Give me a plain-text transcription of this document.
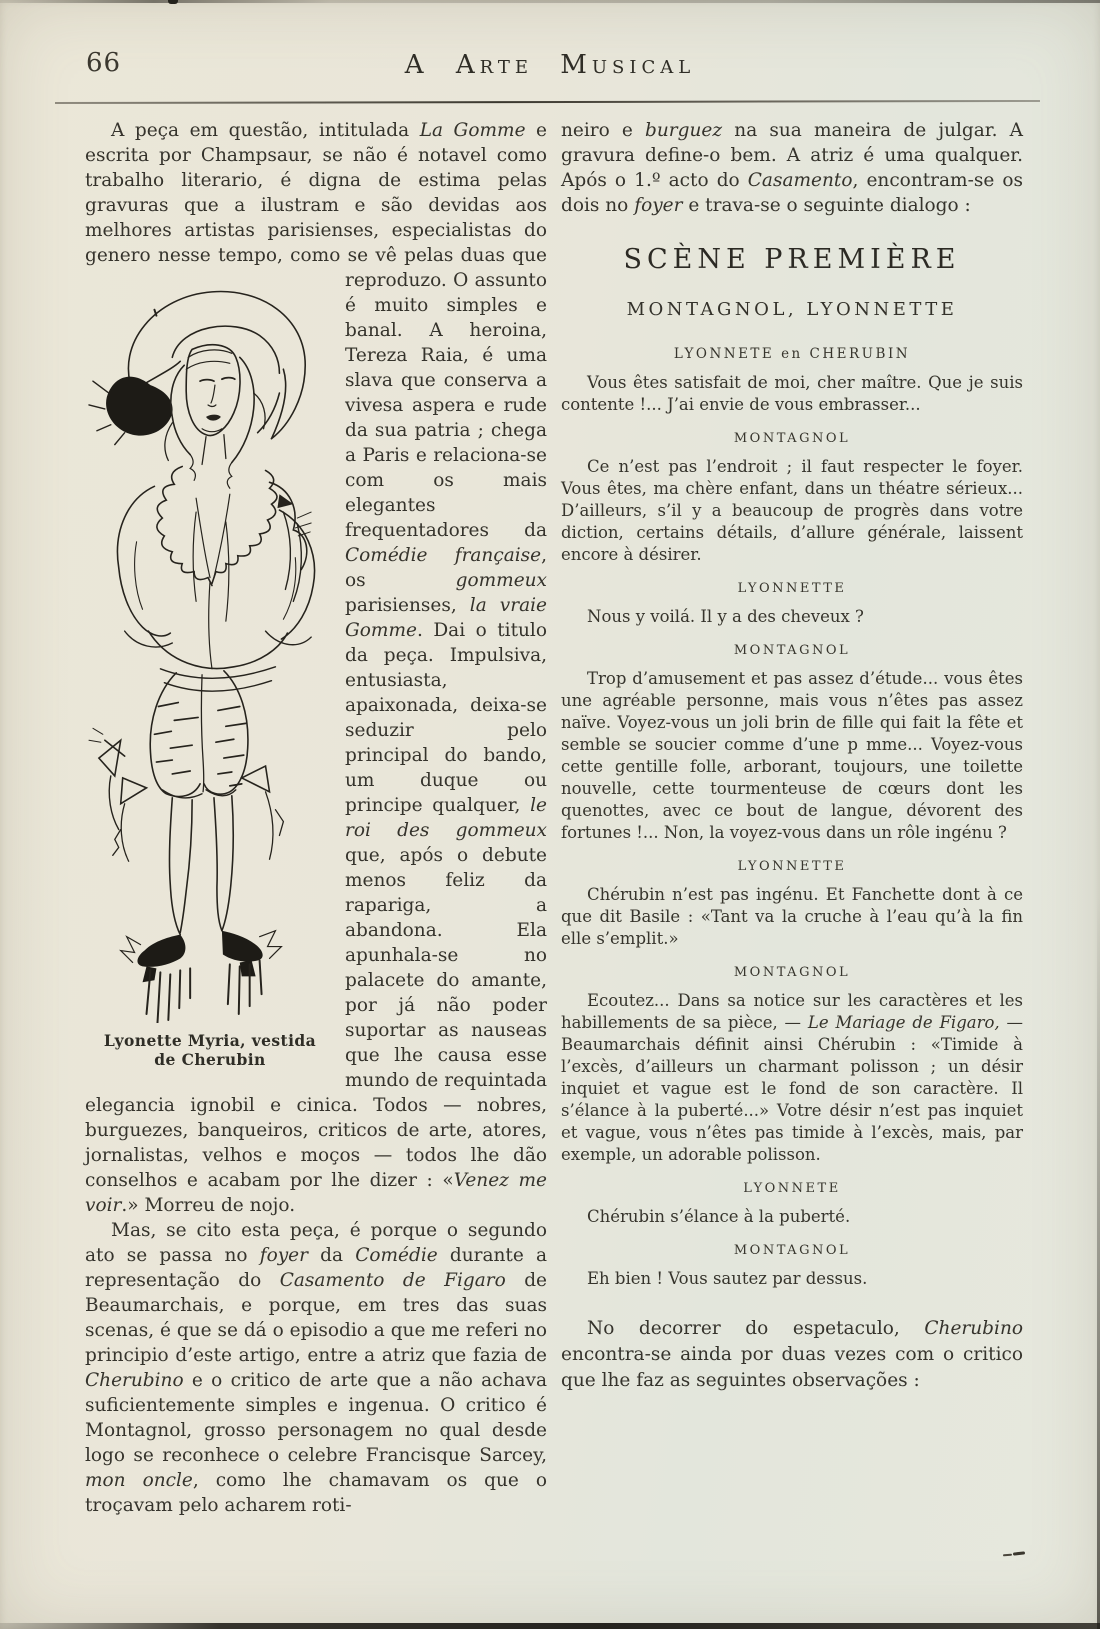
66	A Arte Musical

A peça em questão, intitulada La Gomme e escrita por Champsaur, se não é notavel como trabalho literario, é digna de estima pelas gravuras que a ilustram e são devidas aos melhores artistas parisienses, especialistas do genero nesse tempo, como se vê pelas duas que reproduzo. O
Lyonette Myria, vestida
de Cherubin
assunto é muito simples e banal. A heroina, Tereza Raia, é uma slava que conserva a vivesa aspera e rude da sua patria ; chega a Paris e relaciona-se com os mais elegantes frequentadores da Comédie française, os gommeux parisienses, la vraie Gomme. Dai o titulo da peça. Impulsiva, entusiasta, apaixonada, deixa-se seduzir pelo principal do bando, um duque ou principe qualquer, le roi des gommeux que, após o debute menos feliz da rapariga, a abandona. Ela apunhala-se no palacete do amante, por já não poder suportar as nauseas que lhe causa esse mundo de requintada elegancia ignobil e cinica. Todos — nobres, burguezes, banqueiros, criticos de arte, atores, jornalistas, velhos e moços — todos lhe dão conselhos e acabam por lhe dizer : «Venez me voir.» Morreu de nojo.

Mas, se cito esta peça, é porque o segundo ato se passa no foyer da Comédie durante a representação do Casamento de Figaro de Beaumarchais, e porque, em tres das suas scenas, é que se dá o episodio a que me referi no principio d’este artigo, entre a atriz que fazia de Cherubino e o critico de arte que a não achava suficientemente simples e ingenua. O critico é Montagnol, grosso personagem no qual desde logo se reconhece o celebre Francisque Sarcey, mon oncle, como lhe chamavam os que o troçavam pelo acharem roti-

neiro e burguez na sua maneira de julgar. A gravura define-o bem. A atriz é uma qualquer. Após o 1.º acto do Casamento, encontram-se os dois no foyer e trava-se o seguinte dialogo :

SCÈNE PREMIÈRE
MONTAGNOL, LYONNETTE
LYONNETE en CHERUBIN

Vous êtes satisfait de moi, cher maître. Que je suis contente !... J’ai envie de vous embrasser...

MONTAGNOL

Ce n’est pas l’endroit ; il faut respecter le foyer. Vous êtes, ma chère enfant, dans un théatre sérieux... D’ailleurs, s’il y a beaucoup de progrès dans votre diction, certains détails, d’allure générale, laissent encore à désirer.

LYONNETTE

Nous y voilá. Il y a des cheveux ?

MONTAGNOL

Trop d’amusement et pas assez d’étude... vous êtes une agréable personne, mais vous n’êtes pas assez naïve. Voyez-vous un joli brin de fille qui fait la fête et semble se soucier comme d’une p mme... Voyez-vous cette gentille folle, arborant, toujours, une toilette nouvelle, cette tourmenteuse de cœurs dont les quenottes, avec ce bout de langue, dévorent des fortunes !... Non, la voyez-vous dans un rôle ingénu ?

LYONNETTE

Chérubin n’est pas ingénu. Et Fanchette dont à ce que dit Basile : «Tant va la cruche à l’eau qu’à la fin elle s’emplit.»

MONTAGNOL

Ecoutez... Dans sa notice sur les caractères et les habillements de sa pièce, — Le Mariage de Figaro, — Beaumarchais définit ainsi Chérubin : «Timide à l’excès, d’ailleurs un charmant polisson ; un désir inquiet et vague est le fond de son caractère. Il s’élance à la puberté...» Votre désir n’est pas inquiet et vague, vous n’êtes pas timide à l’excès, mais, par exemple, un adorable polisson.

LYONNETE

Chérubin s’élance à la puberté.

MONTAGNOL

Eh bien ! Vous sautez par dessus.

No decorrer do espetaculo, Cherubino encontra-se ainda por duas vezes com o critico que lhe faz as seguintes observações :
